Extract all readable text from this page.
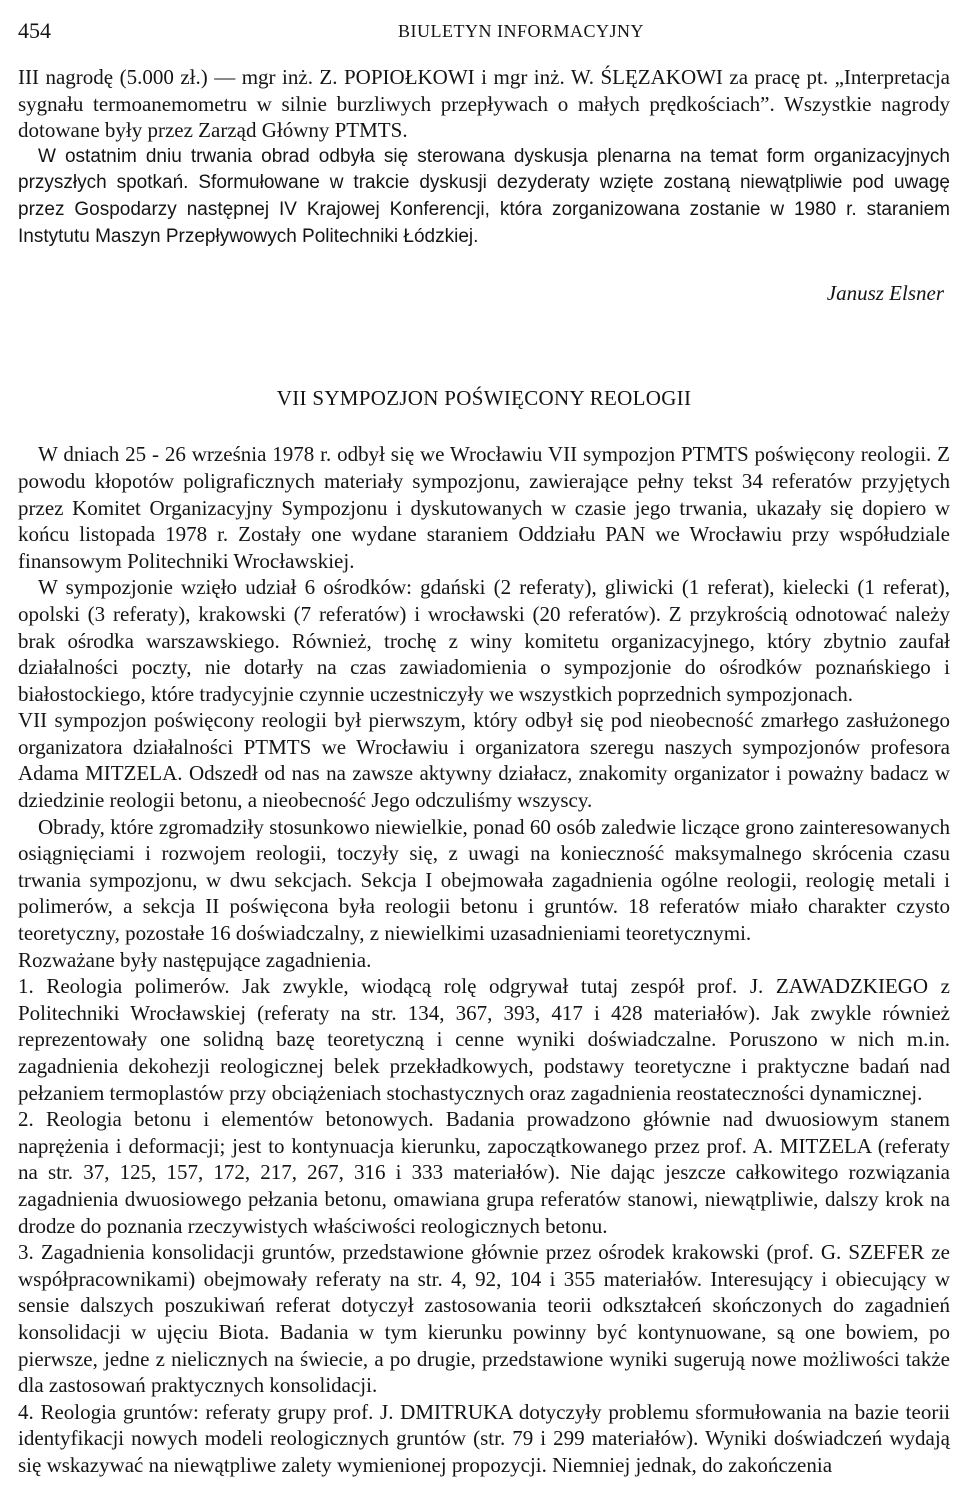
454	BIULETYN INFORMACYJNY

III nagrodę (5.000 zł.) — mgr inż. Z. POPIOŁKOWI i mgr inż. W. ŚLĘZAKOWI za pracę pt. „Interpretacja sygnału termoanemometru w silnie burzliwych przepływach o małych prędkościach”. Wszystkie nagrody dotowane były przez Zarząd Główny PTMTS.

W ostatnim dniu trwania obrad odbyła się sterowana dyskusja plenarna na temat form organizacyjnych przyszłych spotkań. Sformułowane w trakcie dyskusji dezyderaty wzięte zostaną niewątpliwie pod uwagę przez Gospodarzy następnej IV Krajowej Konferencji, która zorganizowana zostanie w 1980 r. staraniem Instytutu Maszyn Przepływowych Politechniki Łódzkiej.

Janusz Elsner

VII SYMPOZJON POŚWIĘCONY REOLOGII

W dniach 25 - 26 września 1978 r. odbył się we Wrocławiu VII sympozjon PTMTS poświęcony reologii. Z powodu kłopotów poligraficznych materiały sympozjonu, zawierające pełny tekst 34 referatów przyjętych przez Komitet Organizacyjny Sympozjonu i dyskutowanych w czasie jego trwania, ukazały się dopiero w końcu listopada 1978 r. Zostały one wydane staraniem Oddziału PAN we Wrocławiu przy współudziale finansowym Politechniki Wrocławskiej.

W sympozjonie wzięło udział 6 ośrodków: gdański (2 referaty), gliwicki (1 referat), kielecki (1 referat), opolski (3 referaty), krakowski (7 referatów) i wrocławski (20 referatów). Z przykrością odnotować należy brak ośrodka warszawskiego. Również, trochę z winy komitetu organizacyjnego, który zbytnio zaufał działalności poczty, nie dotarły na czas zawiadomienia o sympozjonie do ośrodków poznańskiego i białostockiego, które tradycyjnie czynnie uczestniczyły we wszystkich poprzednich sympozjonach.

VII sympozjon poświęcony reologii był pierwszym, który odbył się pod nieobecność zmarłego zasłużonego organizatora działalności PTMTS we Wrocławiu i organizatora szeregu naszych sympozjonów profesora Adama MITZELA. Odszedł od nas na zawsze aktywny działacz, znakomity organizator i poważny badacz w dziedzinie reologii betonu, a nieobecność Jego odczuliśmy wszyscy.

Obrady, które zgromadziły stosunkowo niewielkie, ponad 60 osób zaledwie liczące grono zainteresowanych osiągnięciami i rozwojem reologii, toczyły się, z uwagi na konieczność maksymalnego skrócenia czasu trwania sympozjonu, w dwu sekcjach. Sekcja I obejmowała zagadnienia ogólne reologii, reologię metali i polimerów, a sekcja II poświęcona była reologii betonu i gruntów. 18 referatów miało charakter czysto teoretyczny, pozostałe 16 doświadczalny, z niewielkimi uzasadnieniami teoretycznymi.

Rozważane były następujące zagadnienia.

1. Reologia polimerów. Jak zwykle, wiodącą rolę odgrywał tutaj zespół prof. J. ZAWADZKIEGO z Politechniki Wrocławskiej (referaty na str. 134, 367, 393, 417 i 428 materiałów). Jak zwykle również reprezentowały one solidną bazę teoretyczną i cenne wyniki doświadczalne. Poruszono w nich m.in. zagadnienia dekohezji reologicznej belek przekładkowych, podstawy teoretyczne i praktyczne badań nad pełzaniem termoplastów przy obciążeniach stochastycznych oraz zagadnienia reostateczności dynamicznej.

2. Reologia betonu i elementów betonowych. Badania prowadzono głównie nad dwuosiowym stanem naprężenia i deformacji; jest to kontynuacja kierunku, zapoczątkowanego przez prof. A. MITZELA (referaty na str. 37, 125, 157, 172, 217, 267, 316 i 333 materiałów). Nie dając jeszcze całkowitego rozwiązania zagadnienia dwuosiowego pełzania betonu, omawiana grupa referatów stanowi, niewątpliwie, dalszy krok na drodze do poznania rzeczywistych właściwości reologicznych betonu.

3. Zagadnienia konsolidacji gruntów, przedstawione głównie przez ośrodek krakowski (prof. G. SZEFER ze współpracownikami) obejmowały referaty na str. 4, 92, 104 i 355 materiałów. Interesujący i obiecujący w sensie dalszych poszukiwań referat dotyczył zastosowania teorii odkształceń skończonych do zagadnień konsolidacji w ujęciu Biota. Badania w tym kierunku powinny być kontynuowane, są one bowiem, po pierwsze, jedne z nielicznych na świecie, a po drugie, przedstawione wyniki sugerują nowe możliwości także dla zastosowań praktycznych konsolidacji.

4. Reologia gruntów: referaty grupy prof. J. DMITRUKA dotyczyły problemu sformułowania na bazie teorii identyfikacji nowych modeli reologicznych gruntów (str. 79 i 299 materiałów). Wyniki doświadczeń wydają się wskazywać na niewątpliwe zalety wymienionej propozycji. Niemniej jednak, do zakończenia
